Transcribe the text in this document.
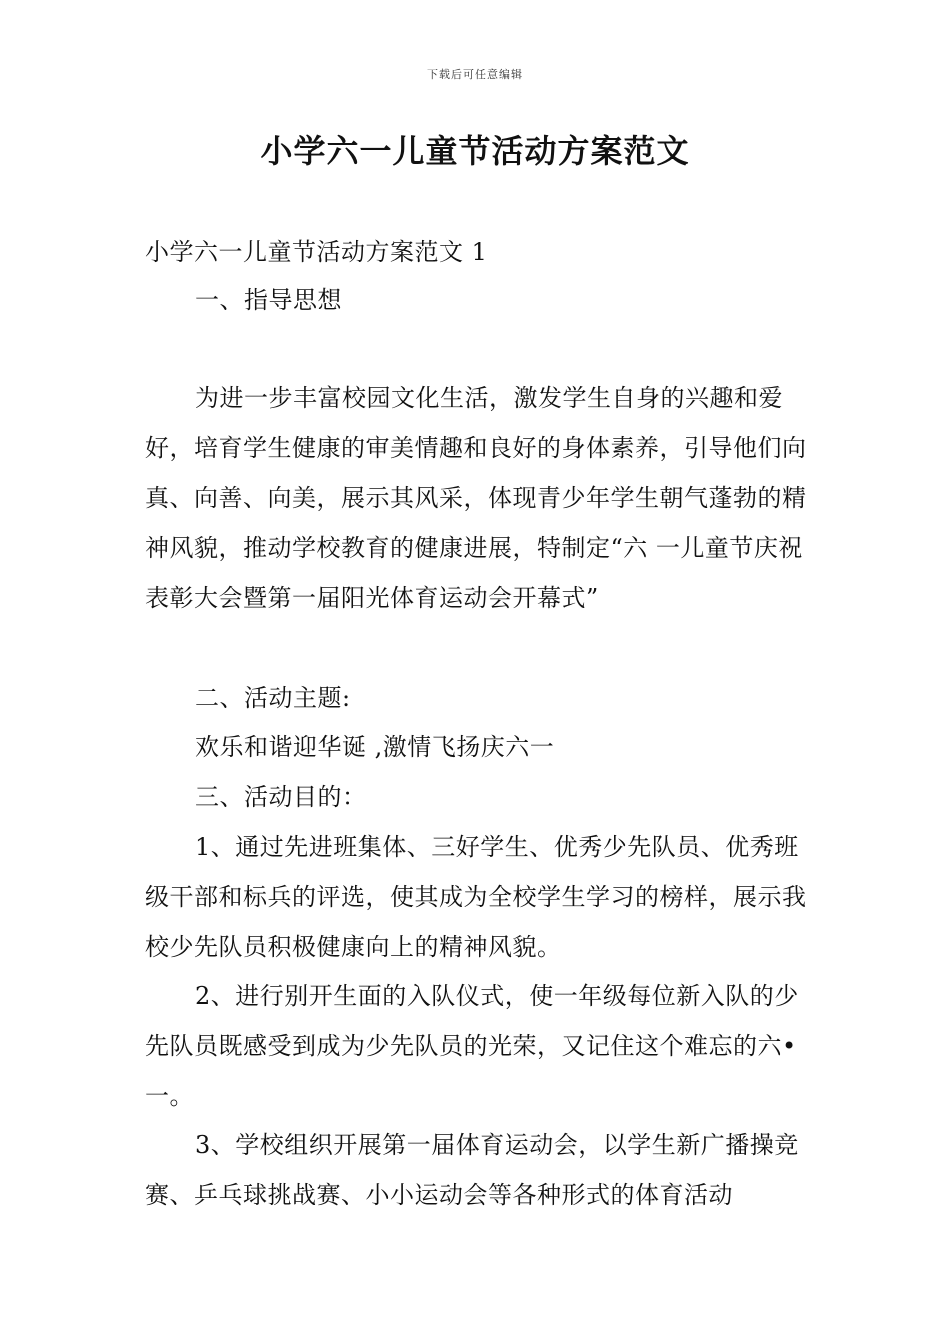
下载后可任意编辑
小学六一儿童节活动方案范文
小学六一儿童节活动方案范文 1
一、指导思想

为进一步丰富校园文化生活，激发学生自身的兴趣和爱好，培育学生健康的审美情趣和良好的身体素养，引导他们向真、向善、向美，展示其风采，体现青少年学生朝气蓬勃的精神风貌，推动学校教育的健康进展，特制定“六 一儿童节庆祝表彰大会暨第一届阳光体育运动会开幕式”

二、活动主题:
欢乐和谐迎华诞 ,激情飞扬庆六一
三、活动目的：

1、通过先进班集体、三好学生、优秀少先队员、优秀班级干部和标兵的评选，使其成为全校学生学习的榜样，展示我校少先队员积极健康向上的精神风貌。

2、进行别开生面的入队仪式，使一年级每位新入队的少先队员既感受到成为少先队员的光荣，又记住这个难忘的六•一。

3、学校组织开展第一届体育运动会，以学生新广播操竞赛、乒乓球挑战赛、小小运动会等各种形式的体育活动
